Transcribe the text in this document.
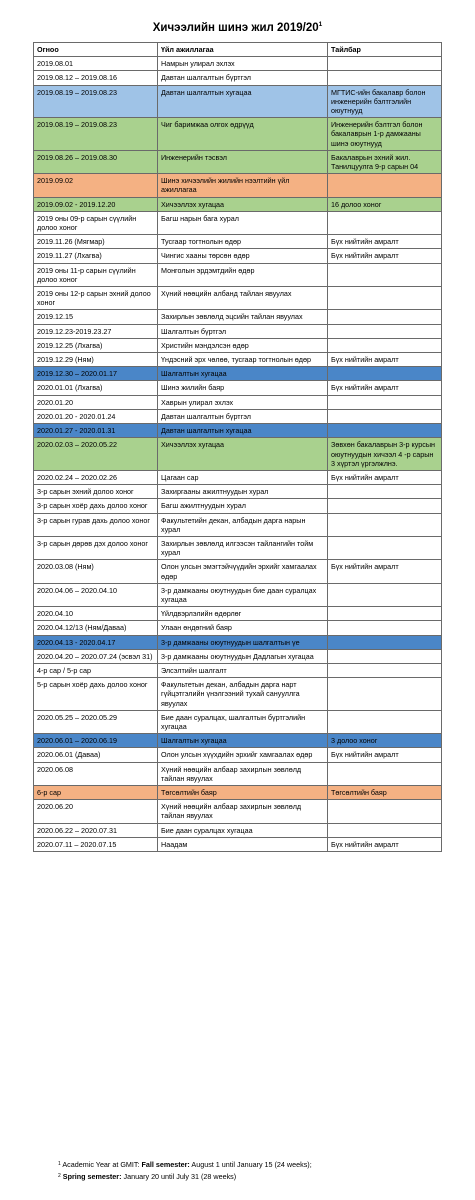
Хичээлийн шинэ жил $2019/20^1$
Огноо	Үйл ажиллагаа	Тайлбар
2019.08.01	Намрын улирал эхлэх	
2019.08.12 – 2019.08.16	Давтан шалгалтын бүртгэл	
2019.08.19 – 2019.08.23	Давтан шалгалтын хугацаа	МГТИС-ийн бакалавр болон инженерийн бэлтгэлийн оюутнууд
2019.08.19 – 2019.08.23	Чиг баримжаа олгох өдрүүд	Инженерийн бэлтгэл болон бакалаврын 1-р дамжааны шинэ оюутнууд
2019.08.26 – 2019.08.30	Инженерийн тэсвэл	Бакалаврын эхний жил. Танилцуулга 9-р сарын 04
2019.09.02	Шинэ хичээлийн жилийн нээлтийн үйл ажиллагаа	
2019.09.02 - 2019.12.20	Хичээллэх хугацаа	16 долоо хоног
2019 оны 09-р сарын сүүлийн долоо хоног	Багш нарын бага хурал	
2019.11.26 (Мягмар)	Тусгаар тогтнолын өдөр	Бүх нийтийн амралт
2019.11.27 (Лхагва)	Чингис хааны төрсөн өдөр	Бүх нийтийн амралт
2019 оны 11-р сарын сүүлийн долоо хоног	Монголын эрдэмтдийн өдөр	
2019 оны 12-р сарын эхний долоо хоног	Хүний нөөцийн албанд тайлан явуулах	
2019.12.15	Захирлын зөвлөлд эцсийн тайлан явуулах	
2019.12.23-2019.23.27	Шалгалтын бүртгэл	
2019.12.25 (Лхагва)	Христийн мэндэлсэн өдөр	
2019.12.29 (Ням)	Үндэсний эрх чөлөө, тусгаар тогтнолын өдөр	Бүх нийтийн амралт
2019.12.30 – 2020.01.17	Шалгалтын хугацаа	
2020.01.01 (Лхагва)	Шинэ жилийн баяр	Бүх нийтийн амралт
2020.01.20	Хаврын улирал эхлэх	
2020.01.20 - 2020.01.24	Давтан шалгалтын бүртгэл	
2020.01.27 - 2020.01.31	Давтан шалгалтын хугацаа	
2020.02.03 – 2020.05.22	Хичээллэх хугацаа	Зөвхөн бакалаврын 3-р курсын оюутнуудын хичээл 4 -р сарын 3 хүртэл үргэлжлнэ.
2020.02.24 – 2020.02.26	Цагаан сар	Бүх нийтийн амралт
3-р сарын эхний долоо хоног	Захиргааны ажилтнуудын хурал	
3-р сарын хоёр дахь долоо хоног	Багш ажилтнуудын хурал	
3-р сарын гурав дахь долоо хоног	Факультетийн декан, албадын дарга нарын хурал	
3-р сарын дөрөв дэх долоо хоног	Захирлын зөвлөлд илгээсэн тайлангийн тойм хурал	
2020.03.08 (Ням)	Олон улсын эмэгтэйчүүдийн эрхийг хамгаалах өдөр	Бүх нийтийн амралт
2020.04.06 – 2020.04.10	3-р дамжааны оюутнуудын бие даан суралцах хугацаа	
2020.04.10	Үйлдвэрлэлийн өдөрлөг	
2020.04.12/13 (Ням/Даваа)	Улаан өндөгний баяр	
2020.04.13 - 2020.04.17	3-р дамжааны оюутнуудын шалгалтын үе	
2020.04.20 – 2020.07.24 (эсвэл 31)	3-р дамжааны оюутнуудын Дадлагын хугацаа	
4-р сар / 5-р сар	Элсэлтийн шалгалт	
5-р сарын хоёр дахь долоо хоног	Факультетын декан, албадын дарга нарт гүйцэтгэлийн үнэлгээний тухай санууллга явуулах	
2020.05.25 – 2020.05.29	Бие даан суралцах, шалгалтын бүртгэлийн хугацаа	
2020.06.01 – 2020.06.19	Шалгалтын хугацаа	3 долоо хоног
2020.06.01 (Даваа)	Олон улсын хүүхдийн эрхийг хамгаалах өдөр	Бүх нийтийн амралт
2020.06.08	Хүний нөөцийн албаар захирлын зөвлөлд тайлан явуулах	
6-р сар	Төгсөлтийн баяр	Төгсөлтийн баяр
2020.06.20	Хүний нөөцийн албаар захирлын зөвлөлд тайлан явуулах	
2020.06.22 – 2020.07.31	Бие даан суралцах хугацаа	
2020.07.11 – 2020.07.15	Наадам	Бүх нийтийн амралт
$^1$ Academic Year at GMIT: Fall semester: August 1 until January 15 (24 weeks);
$^2$ Spring semester: January 20 until July 31 (28 weeks)
